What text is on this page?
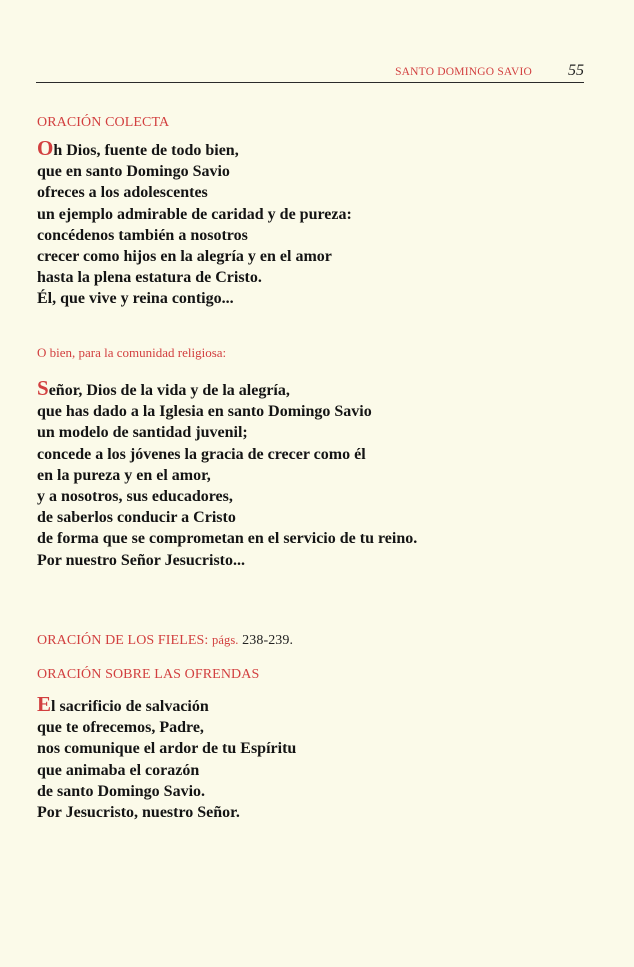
SANTO DOMINGO SAVIO 55
ORACIÓN COLECTA
Oh Dios, fuente de todo bien,
que en santo Domingo Savio
ofreces a los adolescentes
un ejemplo admirable de caridad y de pureza:
concédenos también a nosotros
crecer como hijos en la alegría y en el amor
hasta la plena estatura de Cristo.
Él, que vive y reina contigo...
O bien, para la comunidad religiosa:
Señor, Dios de la vida y de la alegría,
que has dado a la Iglesia en santo Domingo Savio
un modelo de santidad juvenil;
concede a los jóvenes la gracia de crecer como él
en la pureza y en el amor,
y a nosotros, sus educadores,
de saberlos conducir a Cristo
de forma que se comprometan en el servicio de tu reino.
Por nuestro Señor Jesucristo...
ORACIÓN DE LOS FIELES: págs. 238-239.
ORACIÓN SOBRE LAS OFRENDAS
El sacrificio de salvación
que te ofrecemos, Padre,
nos comunique el ardor de tu Espíritu
que animaba el corazón
de santo Domingo Savio.
Por Jesucristo, nuestro Señor.
